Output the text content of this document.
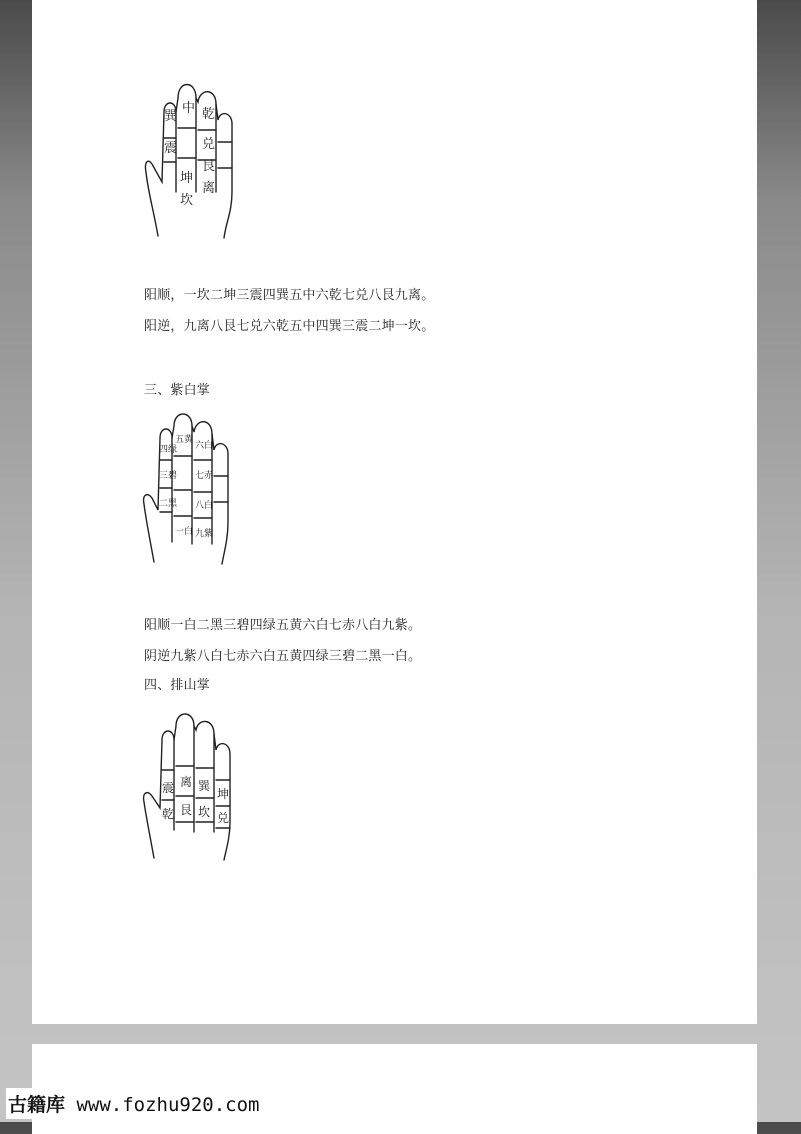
巽
中 乾
离
兑
坤
艮
坎
震
阳顺，一坎二坤三震四巽五中六乾七兑八艮九离。
阳逆，九离八艮七兑六乾五中四巽三震二坤一坎。
三、紫白掌
四绿
五黄
六白
三碧 七赤
二黑 八白
一白 九紫
阳顺一白二黑三碧四绿五黄六白七赤八白九紫。
阴逆九紫八白七赤六白五黄四绿三碧二黑一白。
四、排山掌
离 巽
坤
兑
坎
艮
乾
震
古籍库 www.fozhu920.com
